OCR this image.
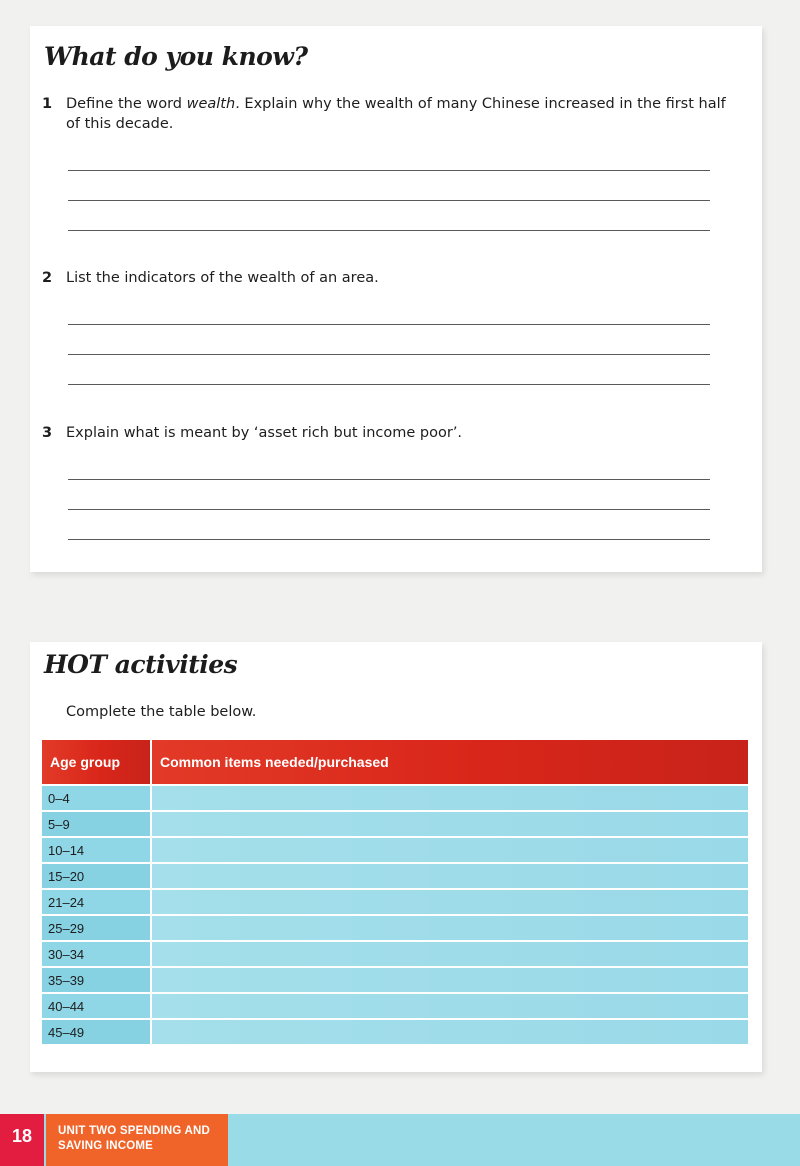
What do you know?
1 Define the word wealth. Explain why the wealth of many Chinese increased in the first half of this decade.
2 List the indicators of the wealth of an area.
3 Explain what is meant by ‘asset rich but income poor’.
HOT activities

Complete the table below.

Age group	Common items needed/purchased
0–4	
5–9	
10–14	
15–20	
21–24	
25–29	
30–34	
35–39	
40–44	
45–49	
18	UNIT TWO SPENDING AND SAVING INCOME
